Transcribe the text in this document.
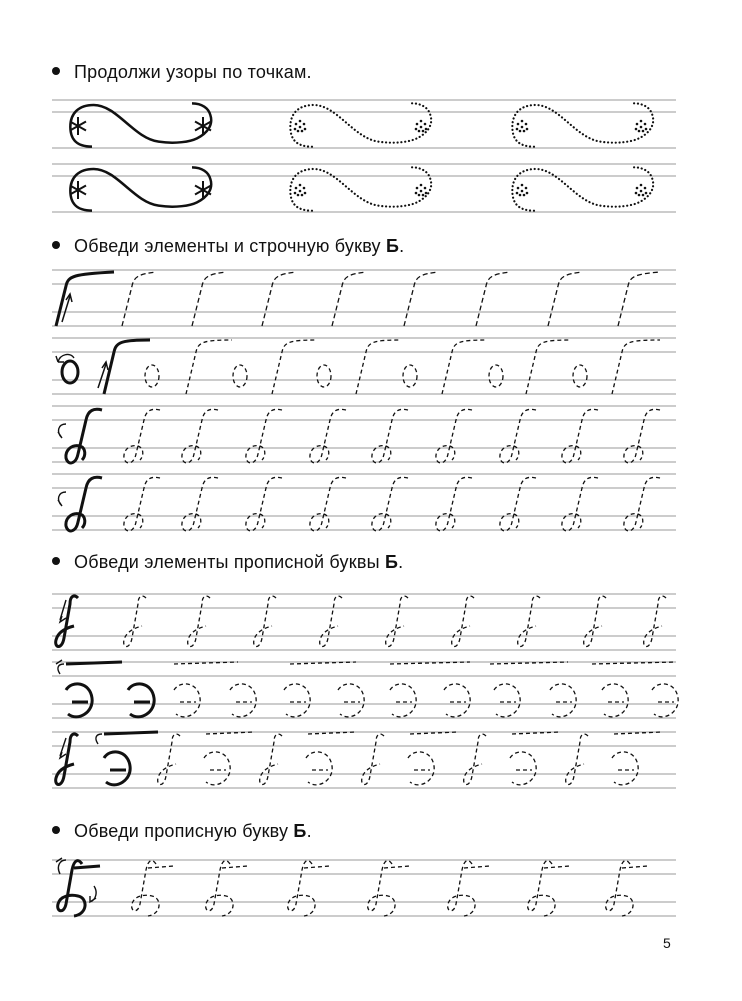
Продолжи узоры по точкам.
Обведи элементы и строчную букву Б.
Обведи элементы прописной буквы Б.
Обведи прописную букву Б.
5
